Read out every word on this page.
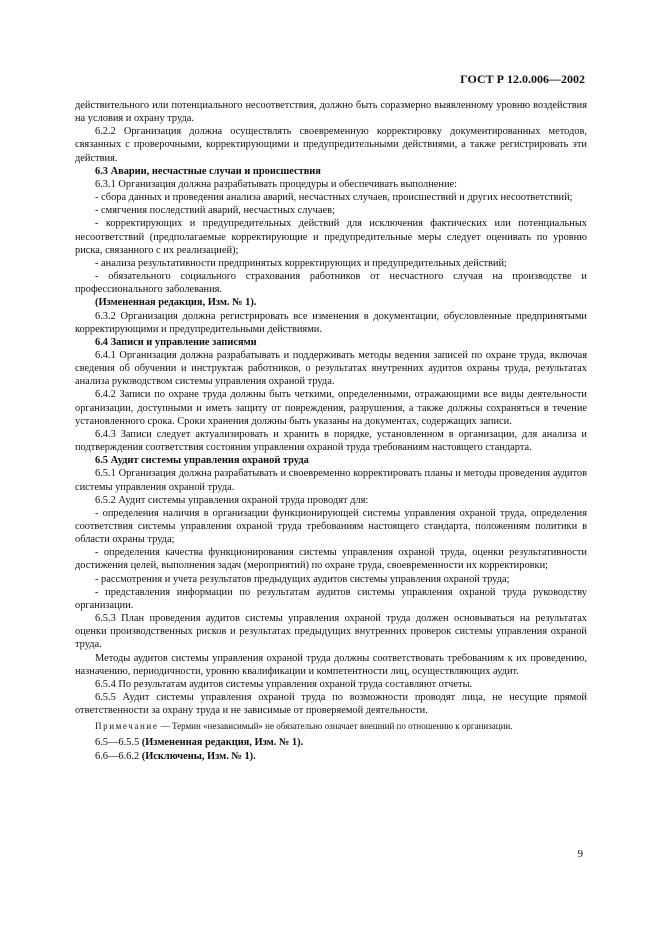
ГОСТ Р 12.0.006—2002

действительного или потенциального несоответствия, должно быть соразмерно выявленному уровню воздействия на условия и охрану труда.

6.2.2 Организация должна осуществлять своевременную корректировку документированных методов, связанных с проверочными, корректирующими и предупредительными действиями, а также регистрировать эти действия.

6.3 Аварии, несчастные случаи и происшествия

6.3.1 Организация должна разрабатывать процедуры и обеспечивать выполнение:

- сбора данных и проведения анализа аварий, несчастных случаев, происшествий и других несоответствий;

- смягчения последствий аварий, несчастных случаев;

- корректирующих и предупредительных действий для исключения фактических или потенциальных несоответствий (предполагаемые корректирующие и предупредительные меры следует оценивать по уровню риска, связанного с их реализацией);

- анализа результативности предпринятых корректирующих и предупредительных действий;

- обязательного социального страхования работников от несчастного случая на производстве и профессионального заболевания.

(Измененная редакция, Изм. № 1).

6.3.2 Организация должна регистрировать все изменения в документации, обусловленные предпринятыми корректирующими и предупредительными действиями.

6.4 Записи и управление записями

6.4.1 Организация должна разрабатывать и поддерживать методы ведения записей по охране труда, включая сведения об обучении и инструктаж работников, о результатах внутренних аудитов охраны труда, результатах анализа руководством системы управления охраной труда.

6.4.2 Записи по охране труда должны быть четкими, определенными, отражающими все виды деятельности организации, доступными и иметь защиту от повреждения, разрушения, а также должны сохраняться в течение установленного срока. Сроки хранения должны быть указаны на документах, содержащих записи.

6.4.3 Записи следует актуализировать и хранить в порядке, установленном в организации, для анализа и подтверждения соответствия состояния управления охраной труда требованиям настоящего стандарта.

6.5 Аудит системы управления охраной труда

6.5.1 Организация должна разрабатывать и своевременно корректировать планы и методы проведения аудитов системы управления охраной труда.

6.5.2 Аудит системы управления охраной труда проводят для:

- определения наличия в организации функционирующей системы управления охраной труда, определения соответствия системы управления охраной труда требованиям настоящего стандарта, положениям политики в области охраны труда;

- определения качества функционирования системы управления охраной труда, оценки результативности достижения целей, выполнения задач (мероприятий) по охране труда, своевременности их корректировки;

- рассмотрения и учета результатов предыдущих аудитов системы управления охраной труда;

- представления информации по результатам аудитов системы управления охраной труда руководству организации.

6.5.3 План проведения аудитов системы управления охраной труда должен основываться на результатах оценки производственных рисков и результатах предыдущих внутренних проверок системы управления охраной труда.

Методы аудитов системы управления охраной труда должны соответствовать требованиям к их проведению, назначению, периодичности, уровню квалификации и компетентности лиц, осуществляющих аудит.

6.5.4 По результатам аудитов системы управления охраной труда составляют отчеты.

6.5.5 Аудит системы управления охраной труда по возможности проводят лица, не несущие прямой ответственности за охрану труда и не зависимые от проверяемой деятельности.

Примечание — Термин «независимый» не обязательно означает внешний по отношению к организации.

6.5—6.5.5 (Измененная редакция, Изм. № 1).

6.6—6.6.2 (Исключены, Изм. № 1).

9
